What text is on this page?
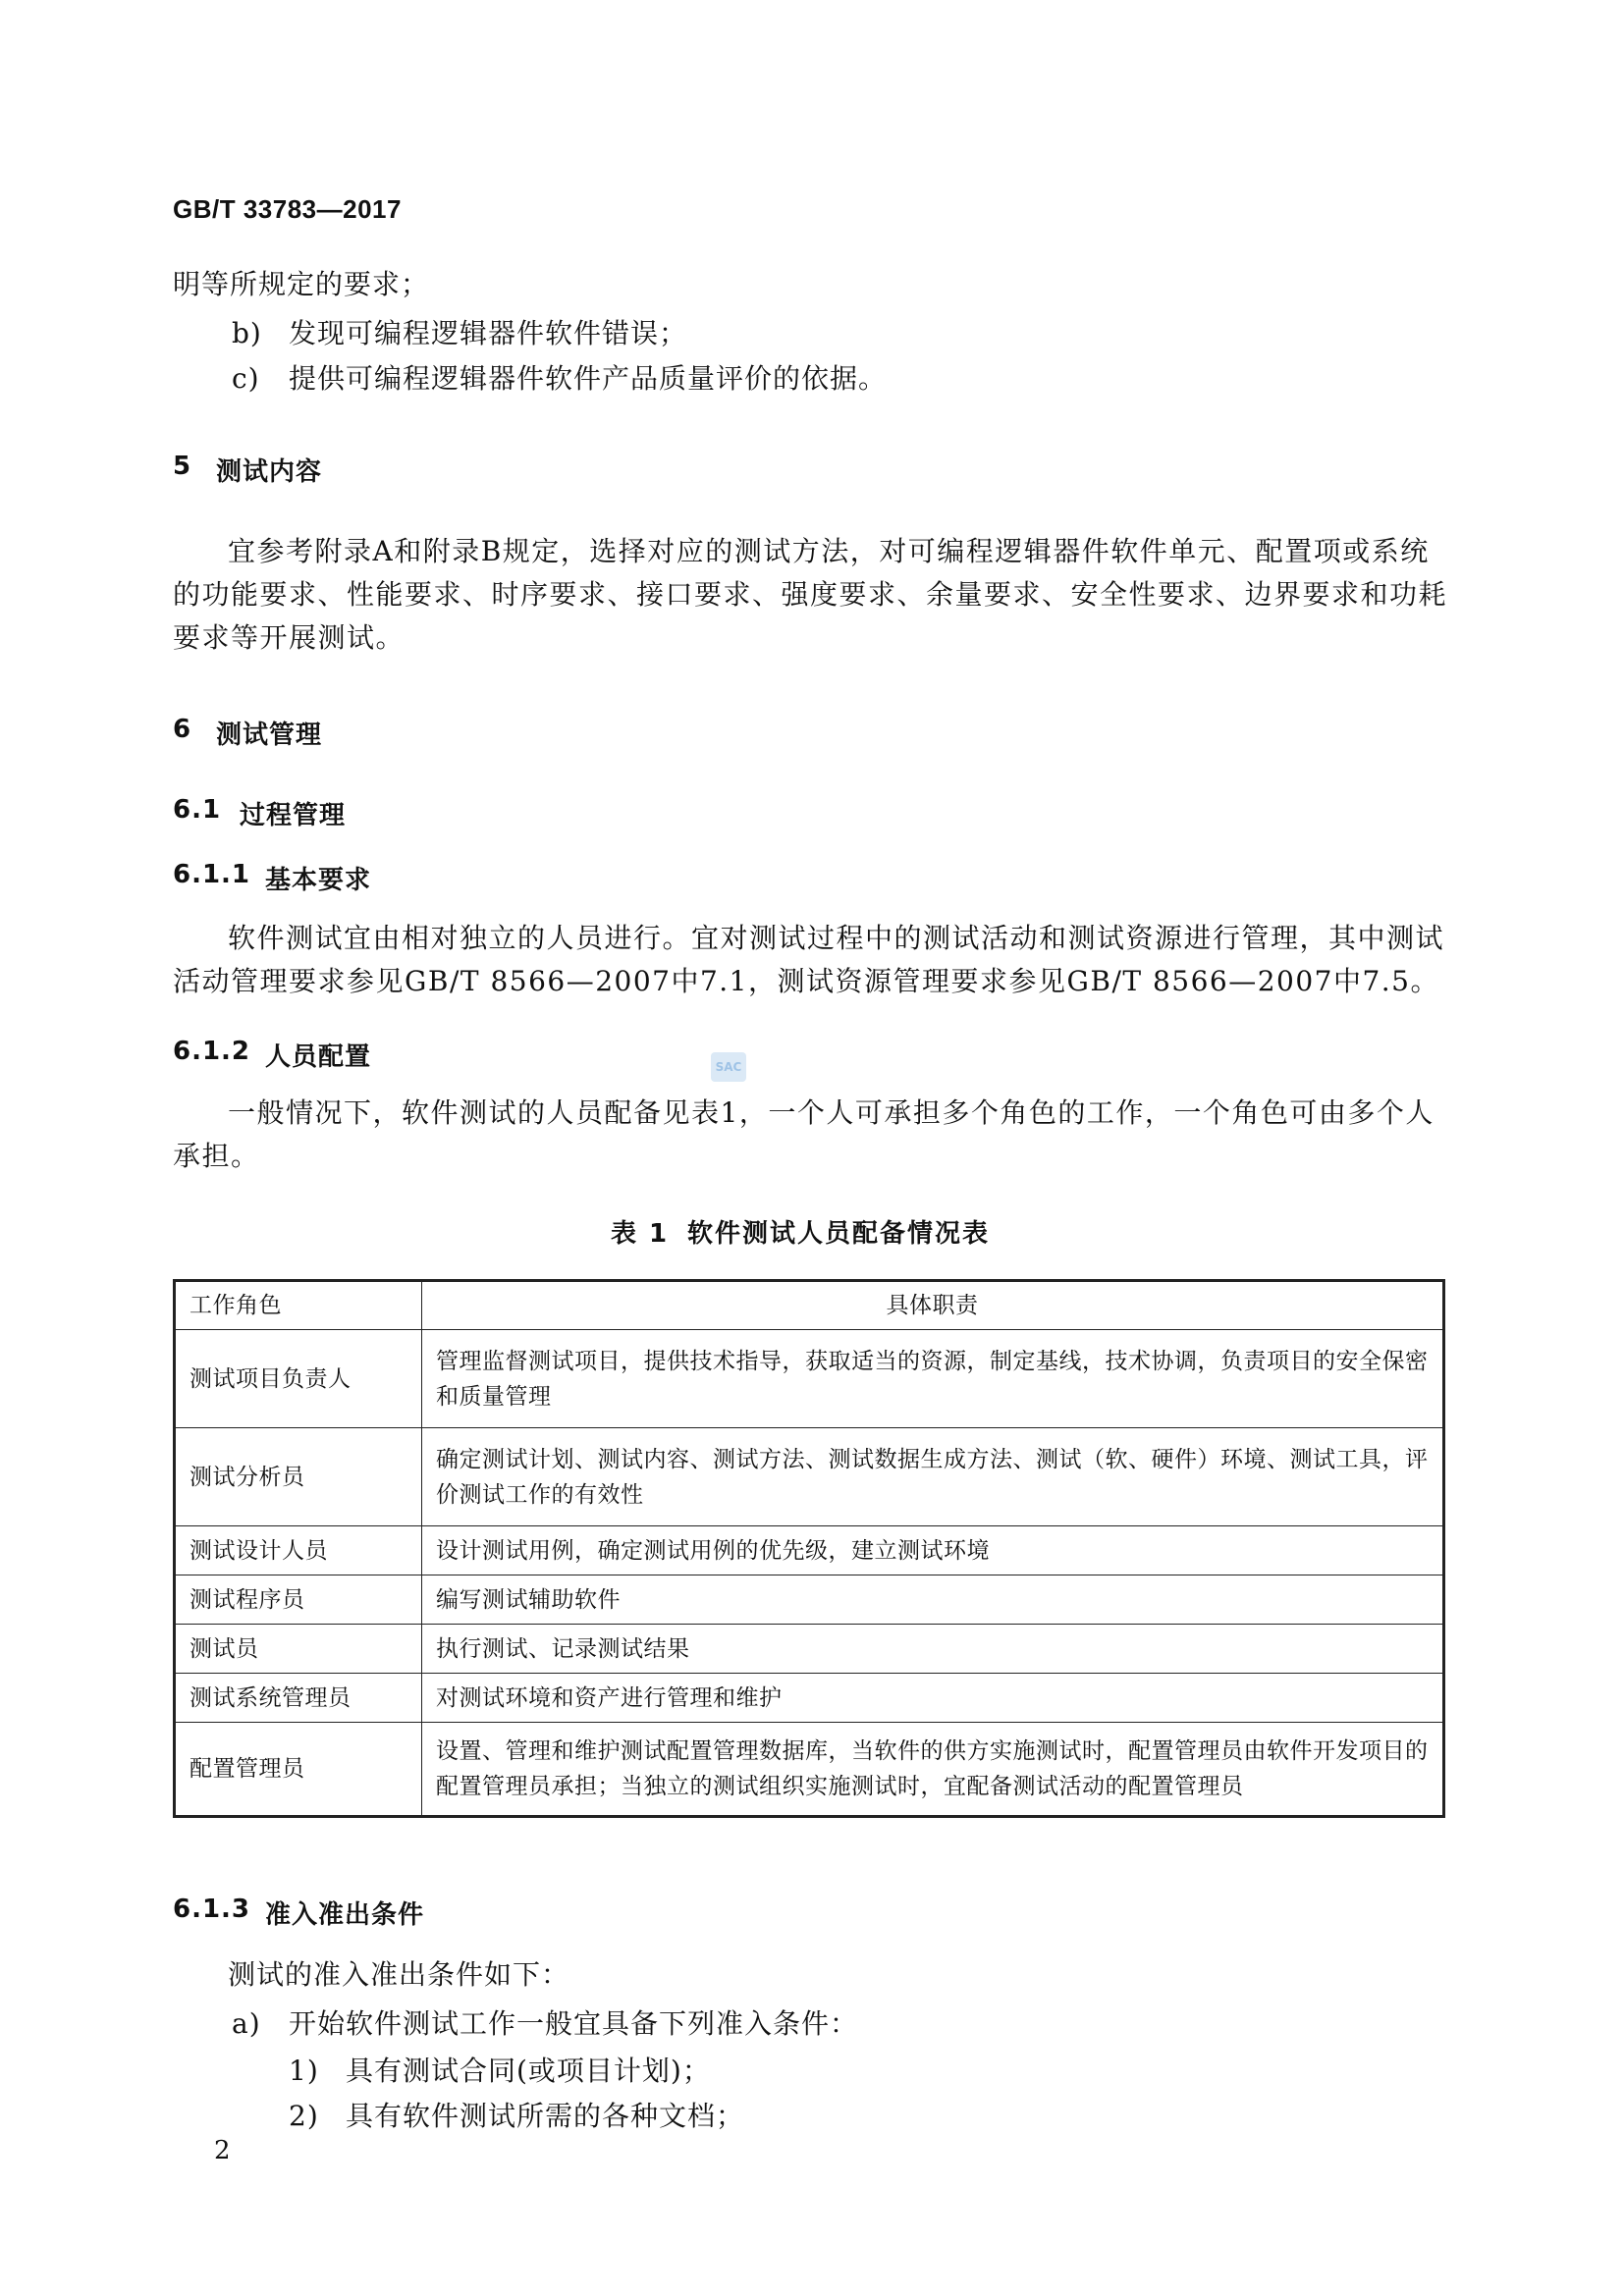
GB/T 33783—2017
明等所规定的要求；
b) 发现可编程逻辑器件软件错误；
c) 提供可编程逻辑器件软件产品质量评价的依据。
5 测试内容
宜参考附录A和附录B规定，选择对应的测试方法，对可编程逻辑器件软件单元、配置项或系统的功能要求、性能要求、时序要求、接口要求、强度要求、余量要求、安全性要求、边界要求和功耗要求等开展测试。
6 测试管理
6.1 过程管理
6.1.1 基本要求
软件测试宜由相对独立的人员进行。宜对测试过程中的测试活动和测试资源进行管理，其中测试活动管理要求参见GB/T 8566—2007中7.1，测试资源管理要求参见GB/T 8566—2007中7.5。
6.1.2 人员配置
一般情况下，软件测试的人员配备见表1，一个人可承担多个角色的工作，一个角色可由多个人承担。
SAC
表 1 软件测试人员配备情况表
工作角色	具体职责
测试项目负责人	管理监督测试项目，提供技术指导，获取适当的资源，制定基线，技术协调，负责项目的安全保密和质量管理
测试分析员	确定测试计划、测试内容、测试方法、测试数据生成方法、测试（软、硬件）环境、测试工具，评价测试工作的有效性
测试设计人员	设计测试用例，确定测试用例的优先级，建立测试环境
测试程序员	编写测试辅助软件
测试员	执行测试、记录测试结果
测试系统管理员	对测试环境和资产进行管理和维护
配置管理员	设置、管理和维护测试配置管理数据库，当软件的供方实施测试时，配置管理员由软件开发项目的配置管理员承担；当独立的测试组织实施测试时，宜配备测试活动的配置管理员
6.1.3 准入准出条件
测试的准入准出条件如下：
a) 开始软件测试工作一般宜具备下列准入条件：
1) 具有测试合同(或项目计划)；
2) 具有软件测试所需的各种文档；
2
